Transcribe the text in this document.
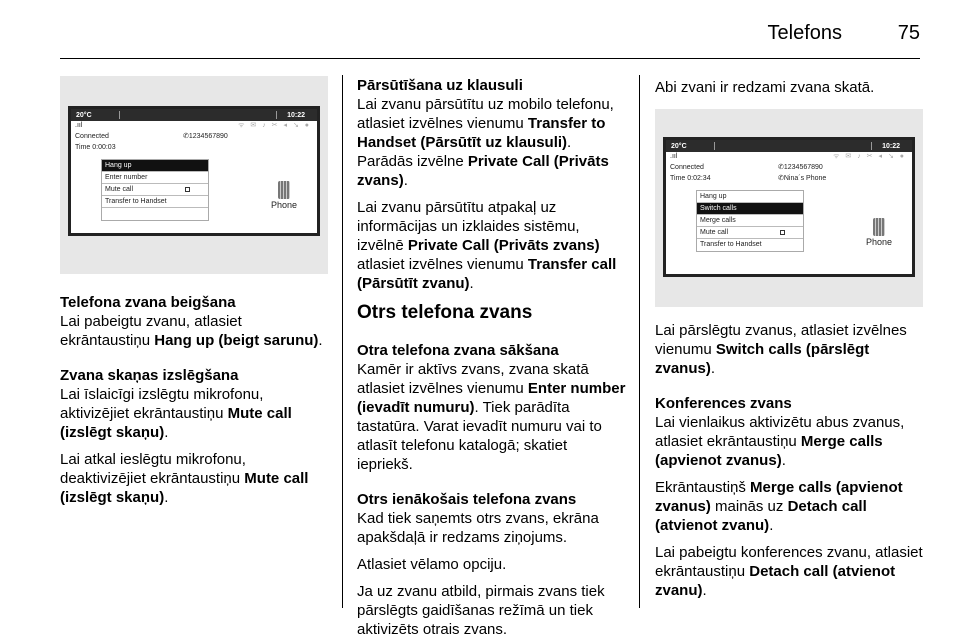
Telefons	75
20°C	10:22
.ııl	ᯤ ✉ ♪ ✂ ◂ ↘ ●
Connected	✆1234567890
Time 0:00:03
Hang up
Enter number
Mute call
Transfer to Handset	Phone
Telefona zvana beigšana

Lai pabeigtu zvanu, atlasiet ekrāntaustiņu Hang up (beigt sarunu).

Zvana skaņas izslēgšana

Lai īslaicīgi izslēgtu mikrofonu, aktivizējiet ekrāntaustiņu Mute call (izslēgt skaņu).

Lai atkal ieslēgtu mikrofonu, deaktivizējiet ekrāntaustiņu Mute call (izslēgt skaņu).

Pārsūtīšana uz klausuli

Lai zvanu pārsūtītu uz mobilo telefonu, atlasiet izvēlnes vienumu Transfer to Handset (Pārsūtīt uz klausuli). Parādās izvēlne Private Call (Privāts zvans).

Lai zvanu pārsūtītu atpakaļ uz informācijas un izklaides sistēmu, izvēlnē Private Call (Privāts zvans) atlasiet izvēlnes vienumu Transfer call (Pārsūtīt zvanu).

Otrs telefona zvans
Otra telefona zvana sākšana

Kamēr ir aktīvs zvans, zvana skatā atlasiet izvēlnes vienumu Enter number (ievadīt numuru). Tiek parādīta tastatūra. Varat ievadīt numuru vai to atlasīt telefonu katalogā; skatiet iepriekš.

Otrs ienākošais telefona zvans

Kad tiek saņemts otrs zvans, ekrāna apakšdaļā ir redzams ziņojums.

Atlasiet vēlamo opciju.

Ja uz zvanu atbild, pirmais zvans tiek pārslēgts gaidīšanas režīmā un tiek aktivizēts otrais zvans.

Abi zvani ir redzami zvana skatā.

20°C	10:22
.ııl	ᯤ ✉ ♪ ✂ ◂ ↘ ●
Connected	✆1234567890
Time 0:02:34	✆Nina´s Phone
Hang up
Switch calls
Merge calls
Mute call
Transfer to Handset	Phone

Lai pārslēgtu zvanus, atlasiet izvēlnes vienumu Switch calls (pārslēgt zvanus).

Konferences zvans

Lai vienlaikus aktivizētu abus zvanus, atlasiet ekrāntaustiņu Merge calls (apvienot zvanus).

Ekrāntaustiņš Merge calls (apvienot zvanus) mainās uz Detach call (atvienot zvanu).

Lai pabeigtu konferences zvanu, atlasiet ekrāntaustiņu Detach call (atvienot zvanu).
